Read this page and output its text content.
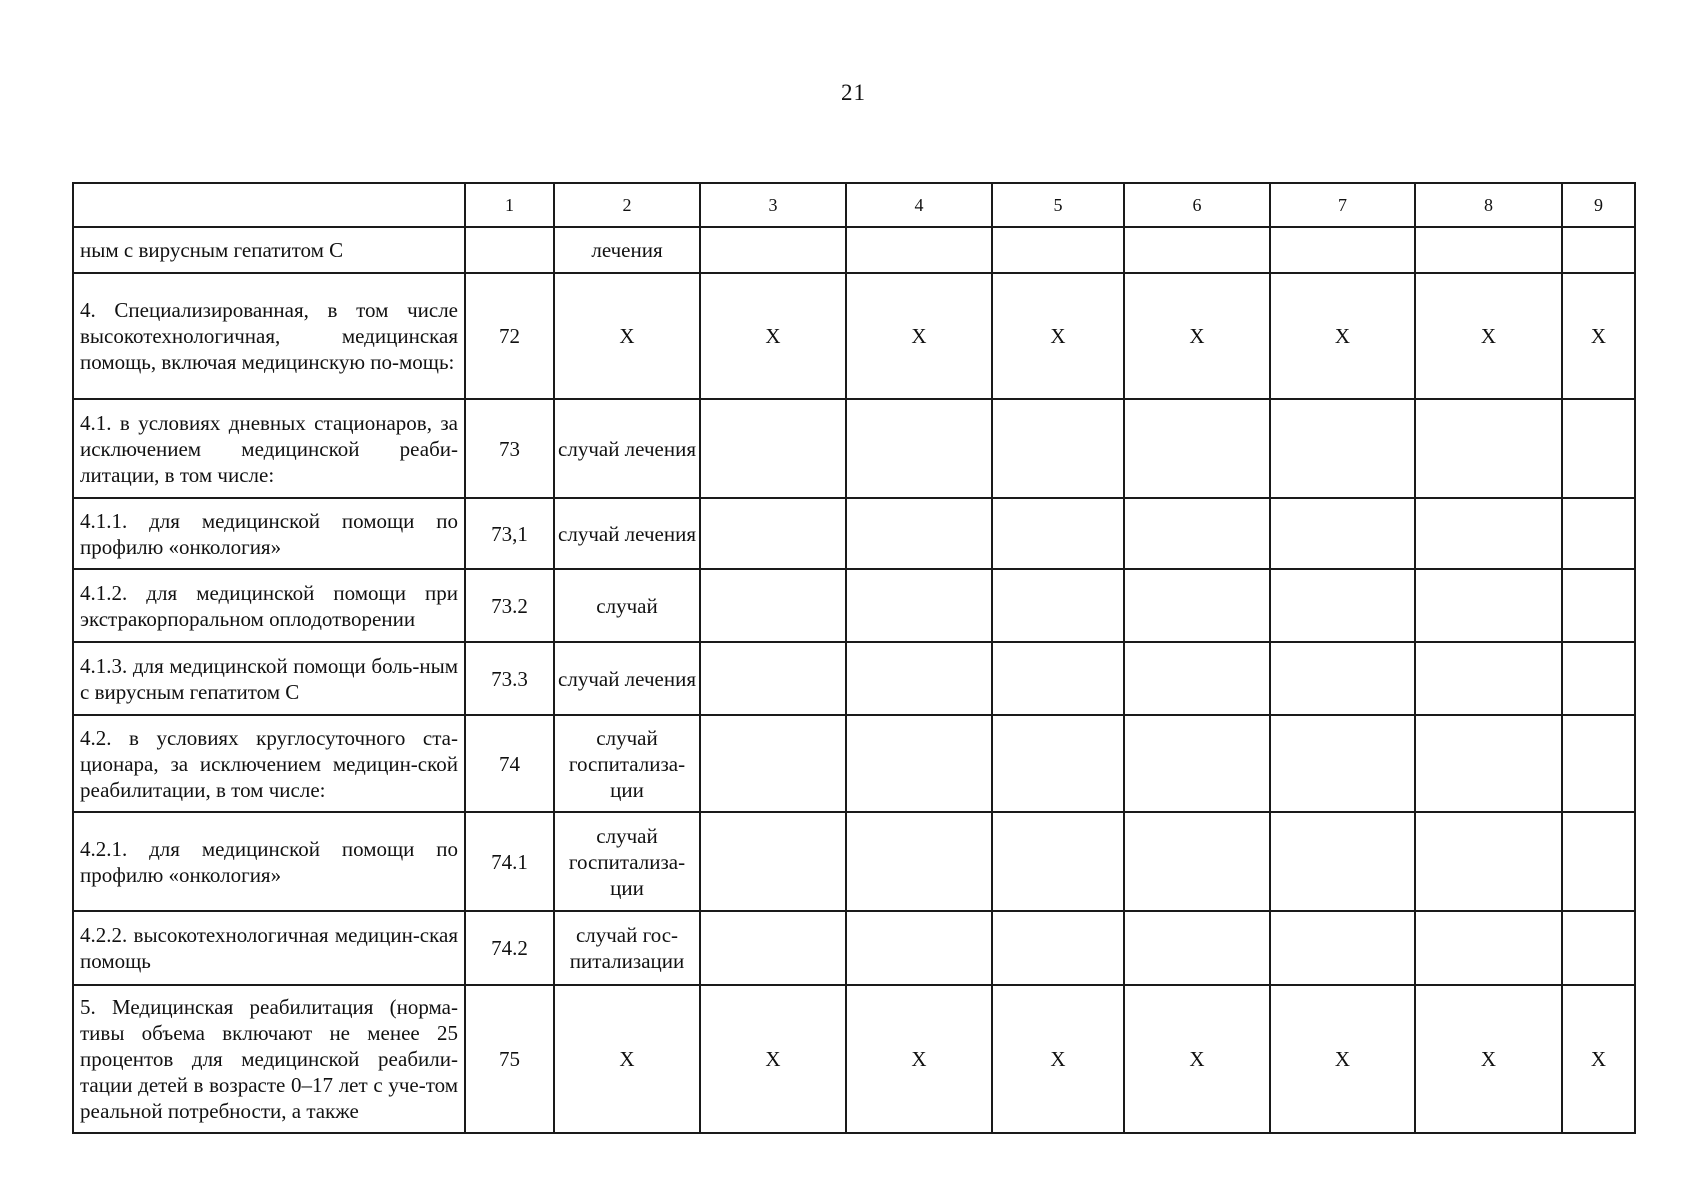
21
	1	2	3	4	5	6	7	8	9
ным с вирусным гепатитом С		лечения							
4. Специализированная, в том числе высокотехнологичная, медицинская помощь, включая медицинскую по-мощь:	72	X	X	X	X	X	X	X	X
4.1. в условиях дневных стационаров, за исключением медицинской реаби-литации, в том числе:	73	случай лечения							
4.1.1. для медицинской помощи по профилю «онкология»	73,1	случай лечения							
4.1.2. для медицинской помощи при экстракорпоральном оплодотворении	73.2	случай							
4.1.3. для медицинской помощи боль-ным с вирусным гепатитом С	73.3	случай лечения							
4.2. в условиях круглосуточного ста-ционара, за исключением медицин-ской реабилитации, в том числе:	74	случай госпитализа-ции							
4.2.1. для медицинской помощи по профилю «онкология»	74.1	случай госпитализа-ции							
4.2.2. высокотехнологичная медицин-ская помощь	74.2	случай гос-питализации							
5. Медицинская реабилитация (норма-тивы объема включают не менее 25 процентов для медицинской реабили-тации детей в возрасте 0–17 лет с уче-том реальной потребности, а также	75	X	X	X	X	X	X	X	X
